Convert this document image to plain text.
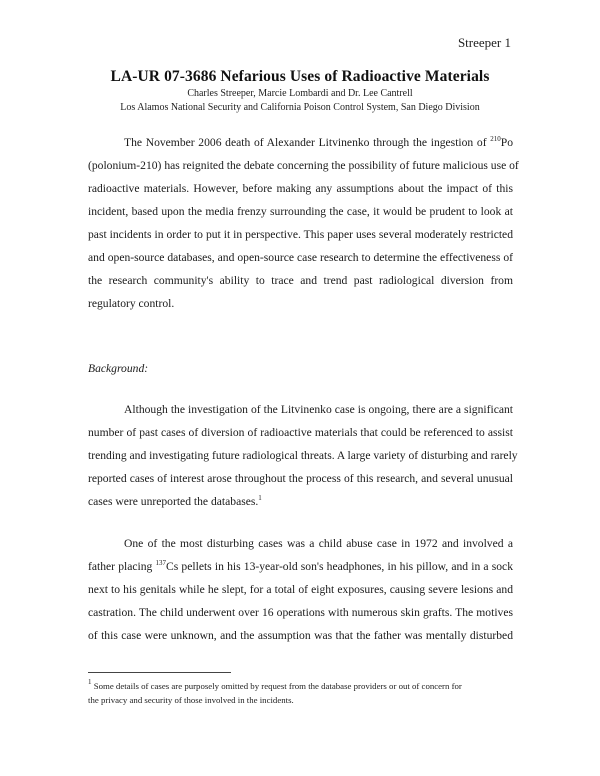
Streeper 1
LA-UR 07-3686 Nefarious Uses of Radioactive Materials
Charles Streeper, Marcie Lombardi and Dr. Lee Cantrell
Los Alamos National Security and California Poison Control System, San Diego Division
The November 2006 death of Alexander Litvinenko through the ingestion of $^{210}$Po
(polonium-210) has reignited the debate concerning the possibility of future malicious use of
radioactive materials. However, before making any assumptions about the impact of this
incident, based upon the media frenzy surrounding the case, it would be prudent to look at
past incidents in order to put it in perspective. This paper uses several moderately restricted
and open-source databases, and open-source case research to determine the effectiveness of
the research community's ability to trace and trend past radiological diversion from
regulatory control.
Background:
Although the investigation of the Litvinenko case is ongoing, there are a significant
number of past cases of diversion of radioactive materials that could be referenced to assist
trending and investigating future radiological threats. A large variety of disturbing and rarely
reported cases of interest arose throughout the process of this research, and several unusual
cases were unreported the databases.$^1$
One of the most disturbing cases was a child abuse case in 1972 and involved a
father placing $^{137}$Cs pellets in his 13-year-old son's headphones, in his pillow, and in a sock
next to his genitals while he slept, for a total of eight exposures, causing severe lesions and
castration. The child underwent over 16 operations with numerous skin grafts. The motives
of this case were unknown, and the assumption was that the father was mentally disturbed
$^1$ Some details of cases are purposely omitted by request from the database providers or out of concern for
the privacy and security of those involved in the incidents.
